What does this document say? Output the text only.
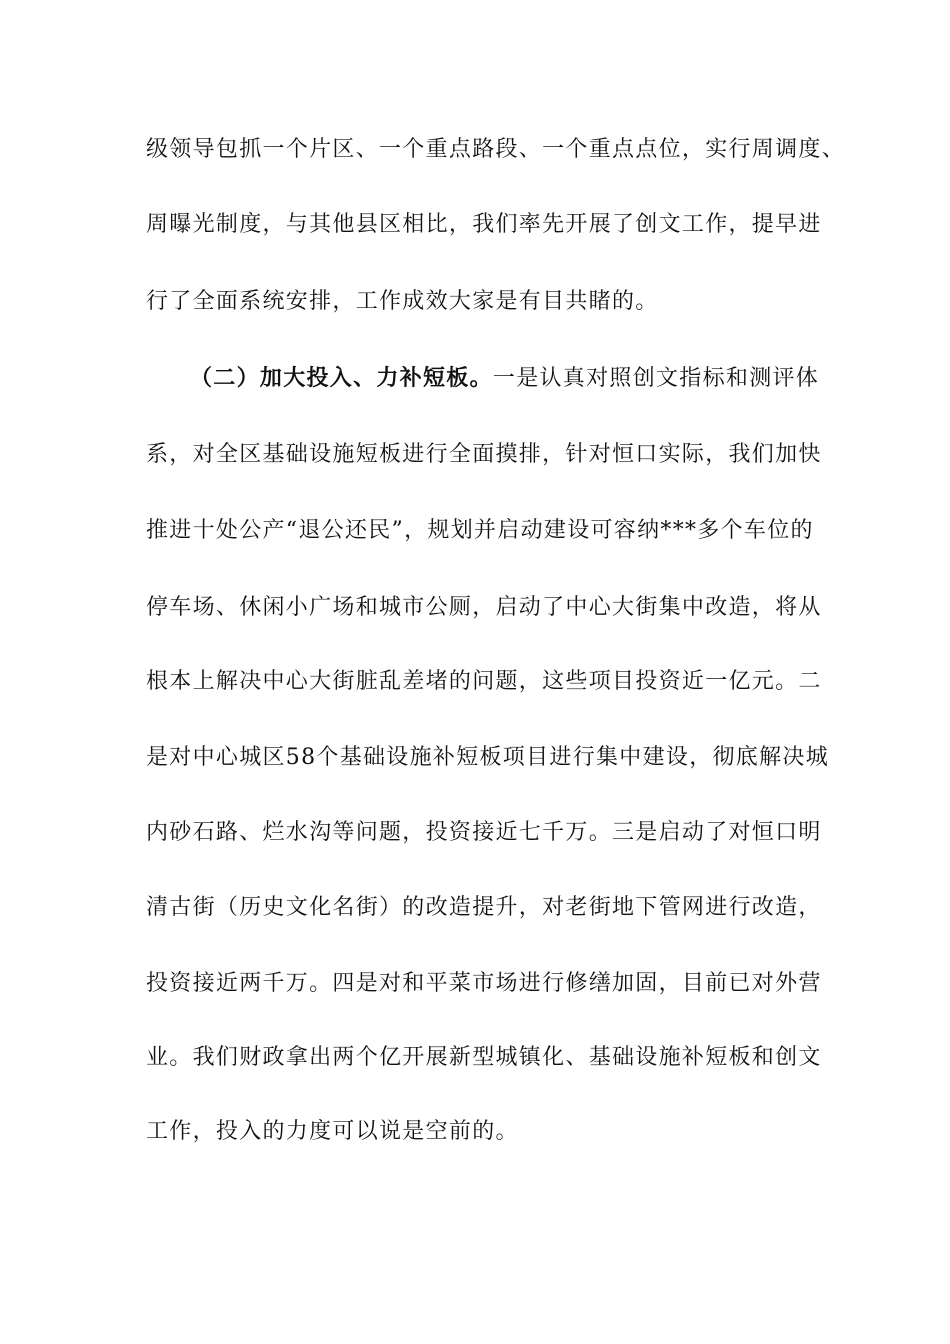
级领导包抓一个片区、一个重点路段、一个重点点位，实行周调度、
周曝光制度，与其他县区相比，我们率先开展了创文工作，提早进
行了全面系统安排，工作成效大家是有目共睹的。
（二）加大投入、力补短板。一是认真对照创文指标和测评体
系，对全区基础设施短板进行全面摸排，针对恒口实际，我们加快
推进十处公产“退公还民”，规划并启动建设可容纳***多个车位的
停车场、休闲小广场和城市公厕，启动了中心大街集中改造，将从
根本上解决中心大街脏乱差堵的问题，这些项目投资近一亿元。二
是对中心城区58个基础设施补短板项目进行集中建设，彻底解决城
内砂石路、烂水沟等问题，投资接近七千万。三是启动了对恒口明
清古街（历史文化名街）的改造提升，对老街地下管网进行改造，
投资接近两千万。四是对和平菜市场进行修缮加固，目前已对外营
业。我们财政拿出两个亿开展新型城镇化、基础设施补短板和创文
工作，投入的力度可以说是空前的。
